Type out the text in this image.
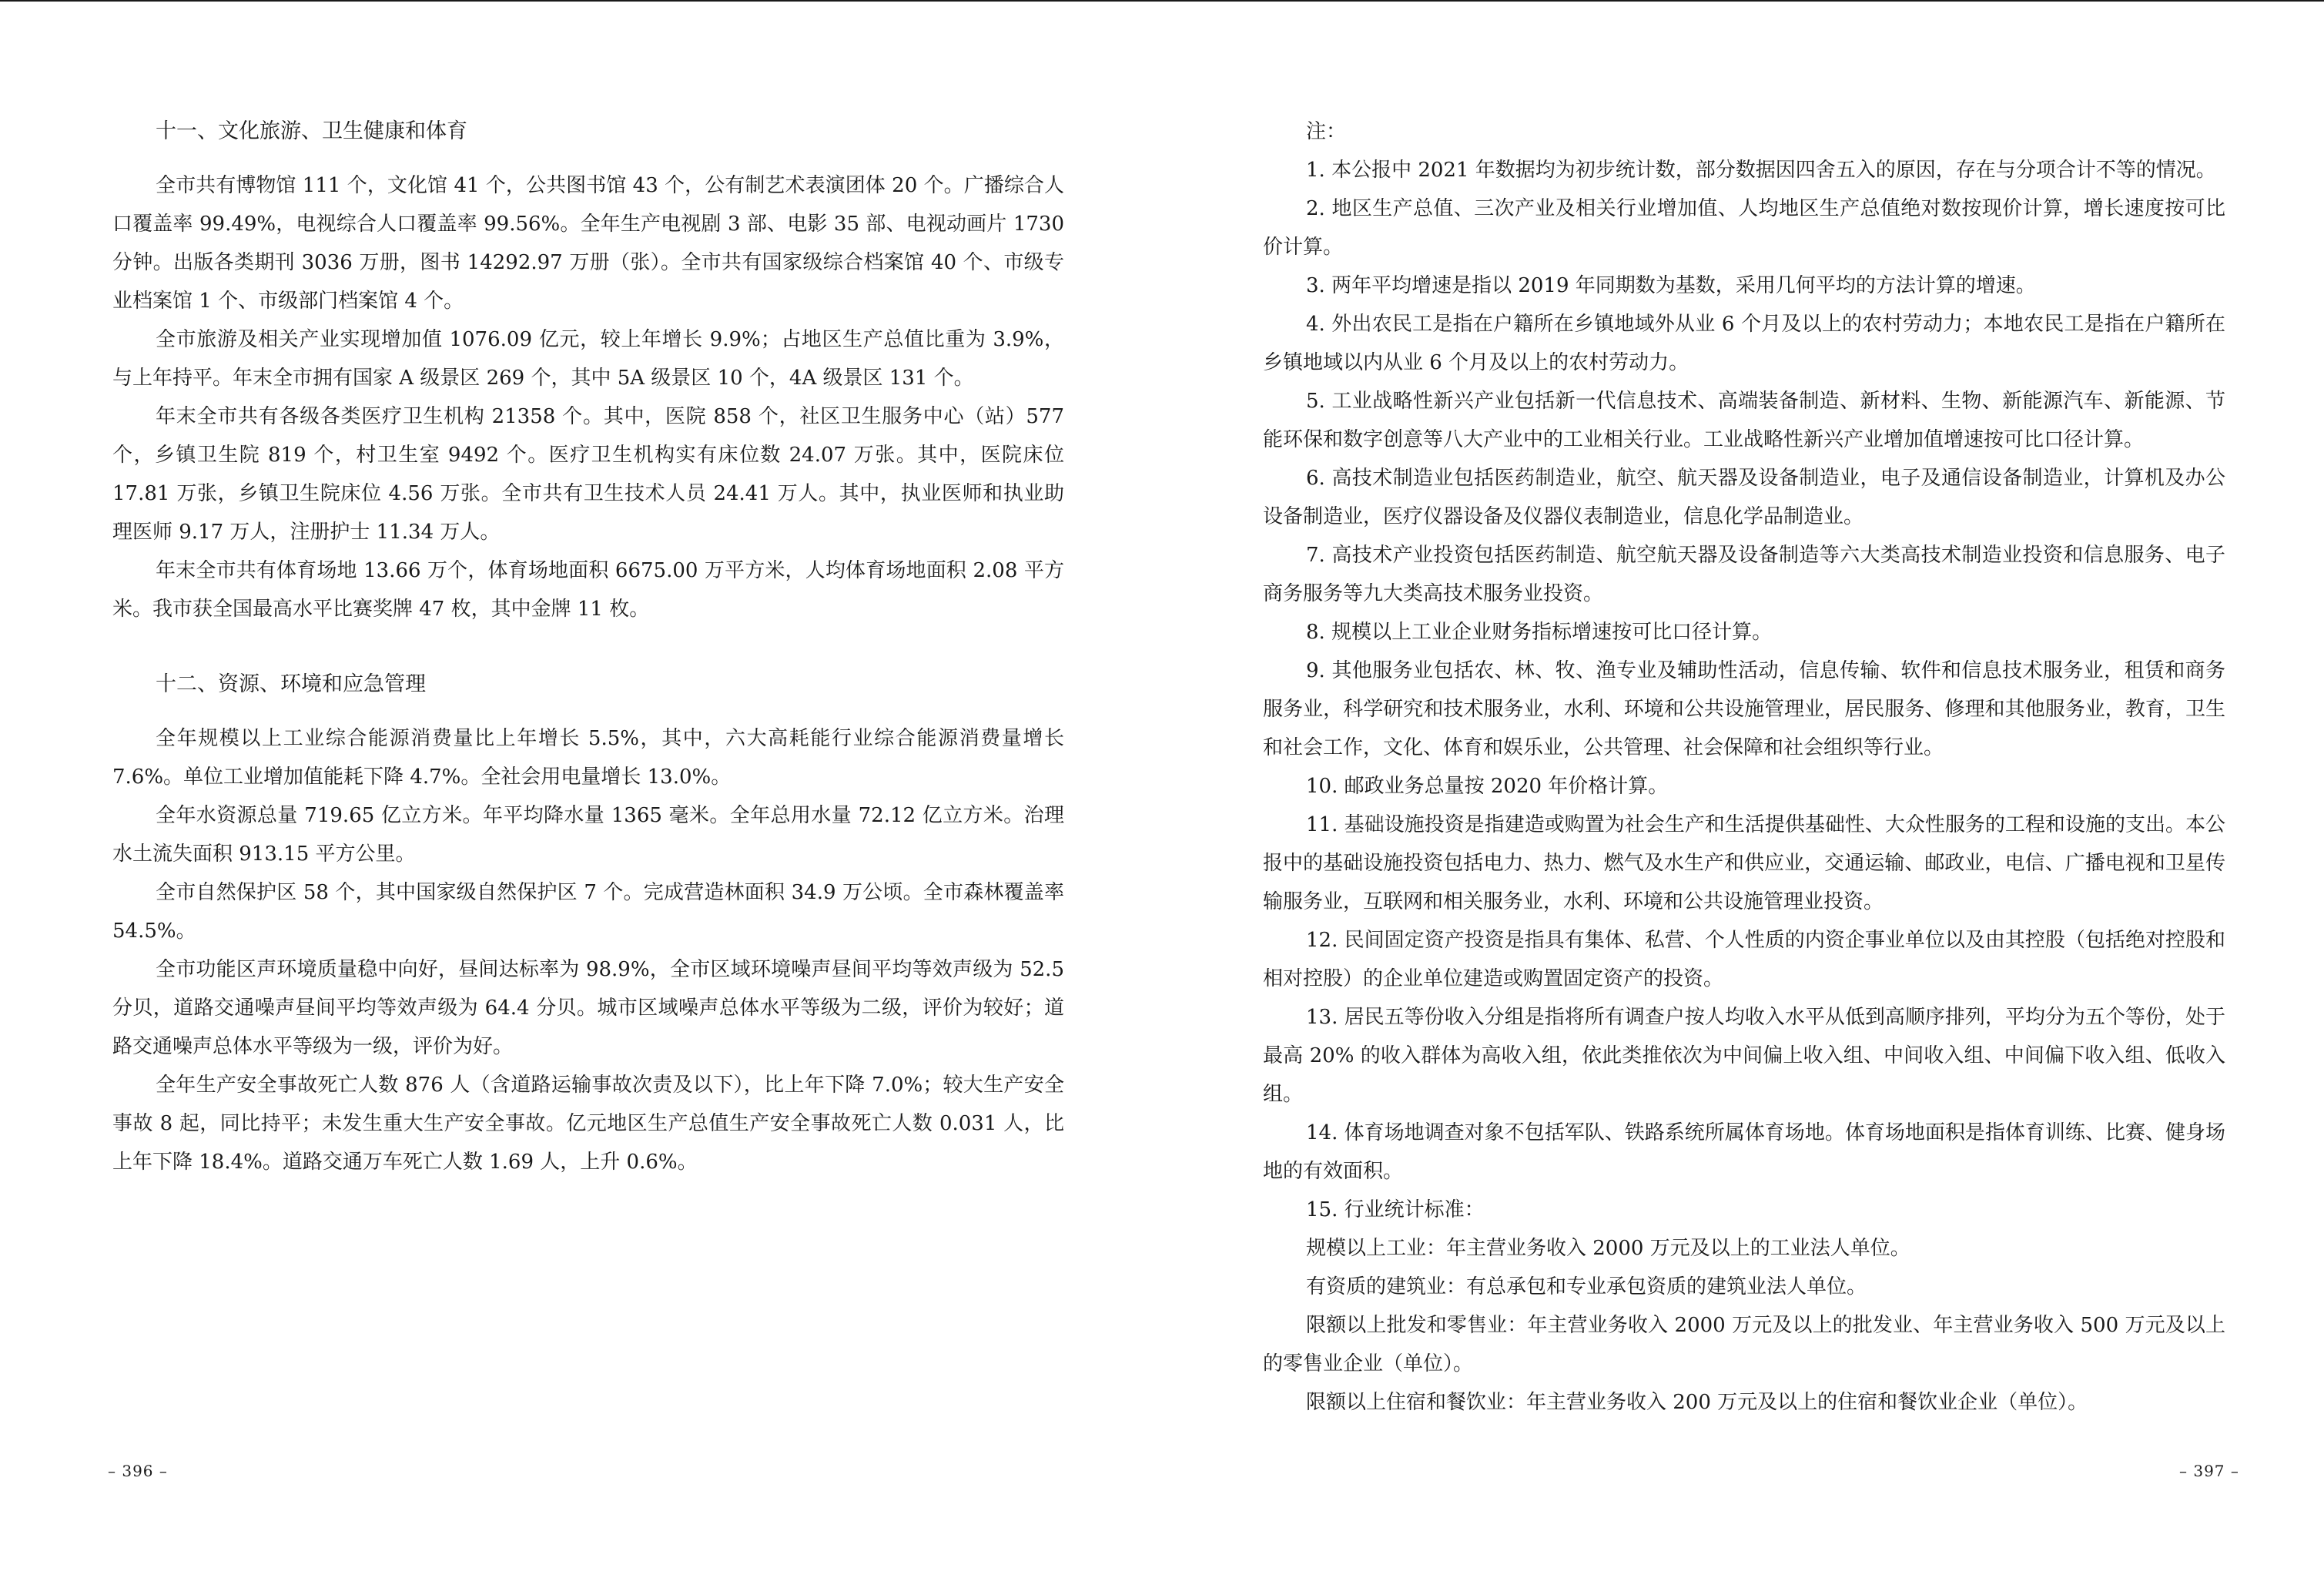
十一、文化旅游、卫生健康和体育

全市共有博物馆 111 个，文化馆 41 个，公共图书馆 43 个，公有制艺术表演团体 20 个。广播综合人口覆盖率 99.49%，电视综合人口覆盖率 99.56%。全年生产电视剧 3 部、电影 35 部、电视动画片 1730 分钟。出版各类期刊 3036 万册，图书 14292.97 万册（张）。全市共有国家级综合档案馆 40 个、市级专业档案馆 1 个、市级部门档案馆 4 个。

全市旅游及相关产业实现增加值 1076.09 亿元，较上年增长 9.9%；占地区生产总值比重为 3.9%，与上年持平。年末全市拥有国家 A 级景区 269 个，其中 5A 级景区 10 个，4A 级景区 131 个。

年末全市共有各级各类医疗卫生机构 21358 个。其中，医院 858 个，社区卫生服务中心（站）577 个，乡镇卫生院 819 个，村卫生室 9492 个。医疗卫生机构实有床位数 24.07 万张。其中，医院床位 17.81 万张，乡镇卫生院床位 4.56 万张。全市共有卫生技术人员 24.41 万人。其中，执业医师和执业助理医师 9.17 万人，注册护士 11.34 万人。

年末全市共有体育场地 13.66 万个，体育场地面积 6675.00 万平方米，人均体育场地面积 2.08 平方米。我市获全国最高水平比赛奖牌 47 枚，其中金牌 11 枚。

十二、资源、环境和应急管理

全年规模以上工业综合能源消费量比上年增长 5.5%，其中，六大高耗能行业综合能源消费量增长 7.6%。单位工业增加值能耗下降 4.7%。全社会用电量增长 13.0%。

全年水资源总量 719.65 亿立方米。年平均降水量 1365 毫米。全年总用水量 72.12 亿立方米。治理水土流失面积 913.15 平方公里。

全市自然保护区 58 个，其中国家级自然保护区 7 个。完成营造林面积 34.9 万公顷。全市森林覆盖率 54.5%。

全市功能区声环境质量稳中向好，昼间达标率为 98.9%，全市区域环境噪声昼间平均等效声级为 52.5 分贝，道路交通噪声昼间平均等效声级为 64.4 分贝。城市区域噪声总体水平等级为二级，评价为较好；道路交通噪声总体水平等级为一级，评价为好。

全年生产安全事故死亡人数 876 人（含道路运输事故次责及以下），比上年下降 7.0%；较大生产安全事故 8 起，同比持平；未发生重大生产安全事故。亿元地区生产总值生产安全事故死亡人数 0.031 人，比上年下降 18.4%。道路交通万车死亡人数 1.69 人，上升 0.6%。

– 396 –

注：

1. 本公报中 2021 年数据均为初步统计数，部分数据因四舍五入的原因，存在与分项合计不等的情况。

2. 地区生产总值、三次产业及相关行业增加值、人均地区生产总值绝对数按现价计算，增长速度按可比价计算。

3. 两年平均增速是指以 2019 年同期数为基数，采用几何平均的方法计算的增速。

4. 外出农民工是指在户籍所在乡镇地域外从业 6 个月及以上的农村劳动力；本地农民工是指在户籍所在乡镇地域以内从业 6 个月及以上的农村劳动力。

5. 工业战略性新兴产业包括新一代信息技术、高端装备制造、新材料、生物、新能源汽车、新能源、节能环保和数字创意等八大产业中的工业相关行业。工业战略性新兴产业增加值增速按可比口径计算。

6. 高技术制造业包括医药制造业，航空、航天器及设备制造业，电子及通信设备制造业，计算机及办公设备制造业，医疗仪器设备及仪器仪表制造业，信息化学品制造业。

7. 高技术产业投资包括医药制造、航空航天器及设备制造等六大类高技术制造业投资和信息服务、电子商务服务等九大类高技术服务业投资。

8. 规模以上工业企业财务指标增速按可比口径计算。

9. 其他服务业包括农、林、牧、渔专业及辅助性活动，信息传输、软件和信息技术服务业，租赁和商务服务业，科学研究和技术服务业，水利、环境和公共设施管理业，居民服务、修理和其他服务业，教育，卫生和社会工作，文化、体育和娱乐业，公共管理、社会保障和社会组织等行业。

10. 邮政业务总量按 2020 年价格计算。

11. 基础设施投资是指建造或购置为社会生产和生活提供基础性、大众性服务的工程和设施的支出。本公报中的基础设施投资包括电力、热力、燃气及水生产和供应业，交通运输、邮政业，电信、广播电视和卫星传输服务业，互联网和相关服务业，水利、环境和公共设施管理业投资。

12. 民间固定资产投资是指具有集体、私营、个人性质的内资企事业单位以及由其控股（包括绝对控股和相对控股）的企业单位建造或购置固定资产的投资。

13. 居民五等份收入分组是指将所有调查户按人均收入水平从低到高顺序排列，平均分为五个等份，处于最高 20% 的收入群体为高收入组，依此类推依次为中间偏上收入组、中间收入组、中间偏下收入组、低收入组。

14. 体育场地调查对象不包括军队、铁路系统所属体育场地。体育场地面积是指体育训练、比赛、健身场地的有效面积。

15. 行业统计标准：

规模以上工业：年主营业务收入 2000 万元及以上的工业法人单位。

有资质的建筑业：有总承包和专业承包资质的建筑业法人单位。

限额以上批发和零售业：年主营业务收入 2000 万元及以上的批发业、年主营业务收入 500 万元及以上的零售业企业（单位）。

限额以上住宿和餐饮业：年主营业务收入 200 万元及以上的住宿和餐饮业企业（单位）。

– 397 –
